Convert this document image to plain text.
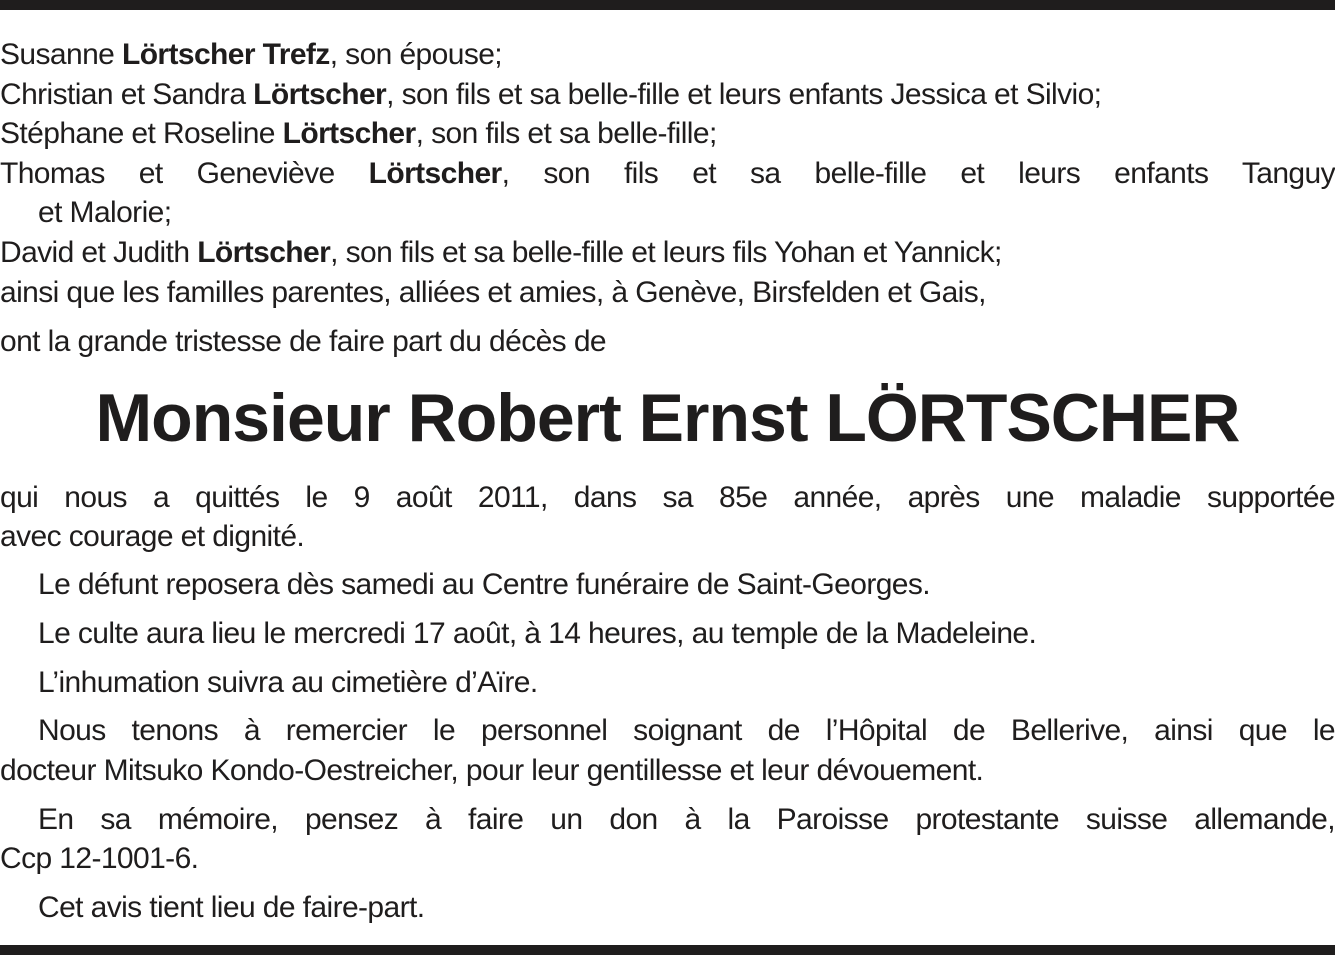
Susanne Lörtscher Trefz, son épouse;

Christian et Sandra Lörtscher, son fils et sa belle-fille et leurs enfants Jessica et Silvio;

Stéphane et Roseline Lörtscher, son fils et sa belle-fille;

Thomas et Geneviève Lörtscher, son fils et sa belle-fille et leurs enfants Tanguy

et Malorie;

David et Judith Lörtscher, son fils et sa belle-fille et leurs fils Yohan et Yannick;

ainsi que les familles parentes, alliées et amies, à Genève, Birsfelden et Gais,

ont la grande tristesse de faire part du décès de

Monsieur Robert Ernst LÖRTSCHER

qui nous a quittés le 9 août 2011, dans sa 85e année, après une maladie supportée

avec courage et dignité.

Le défunt reposera dès samedi au Centre funéraire de Saint-Georges.

Le culte aura lieu le mercredi 17 août, à 14 heures, au temple de la Madeleine.

L’inhumation suivra au cimetière d’Aïre.

Nous tenons à remercier le personnel soignant de l’Hôpital de Bellerive, ainsi que le

docteur Mitsuko Kondo-Oestreicher, pour leur gentillesse et leur dévouement.

En sa mémoire, pensez à faire un don à la Paroisse protestante suisse allemande,

Ccp 12-1001-6.

Cet avis tient lieu de faire-part.
